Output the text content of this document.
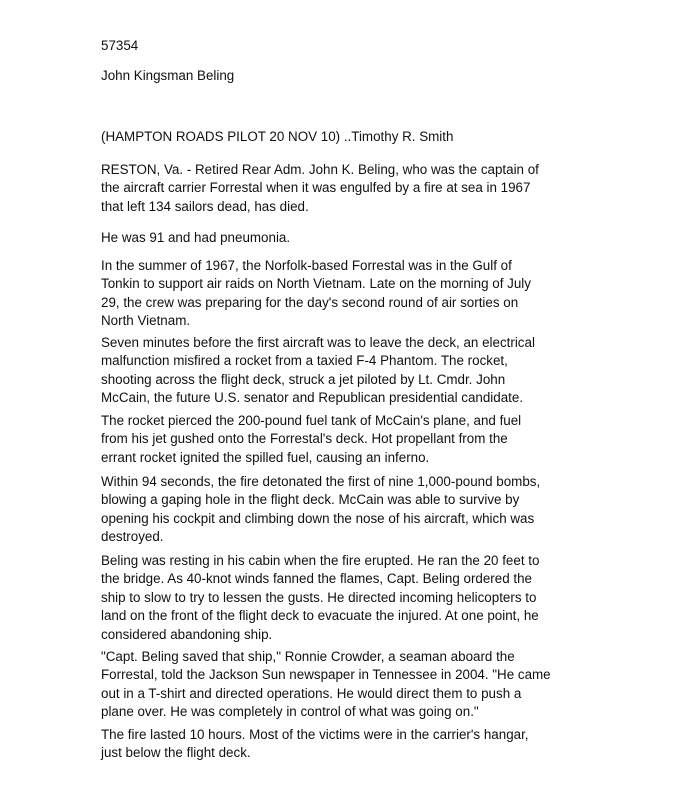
57354

John Kingsman Beling

(HAMPTON ROADS PILOT 20 NOV 10) ..Timothy R. Smith

RESTON, Va. - Retired Rear Adm. John K. Beling, who was the captain of
the aircraft carrier Forrestal when it was engulfed by a fire at sea in 1967
that left 134 sailors dead, has died.
He was 91 and had pneumonia.
In the summer of 1967, the Norfolk-based Forrestal was in the Gulf of
Tonkin to support air raids on North Vietnam. Late on the morning of July
29, the crew was preparing for the day's second round of air sorties on
North Vietnam.
Seven minutes before the first aircraft was to leave the deck, an electrical
malfunction misfired a rocket from a taxied F-4 Phantom. The rocket,
shooting across the flight deck, struck a jet piloted by Lt. Cmdr. John
McCain, the future U.S. senator and Republican presidential candidate.
The rocket pierced the 200-pound fuel tank of McCain's plane, and fuel
from his jet gushed onto the Forrestal's deck. Hot propellant from the
errant rocket ignited the spilled fuel, causing an inferno.
Within 94 seconds, the fire detonated the first of nine 1,000-pound bombs,
blowing a gaping hole in the flight deck. McCain was able to survive by
opening his cockpit and climbing down the nose of his aircraft, which was
destroyed.
Beling was resting in his cabin when the fire erupted. He ran the 20 feet to
the bridge. As 40-knot winds fanned the flames, Capt. Beling ordered the
ship to slow to try to lessen the gusts. He directed incoming helicopters to
land on the front of the flight deck to evacuate the injured. At one point, he
considered abandoning ship.
"Capt. Beling saved that ship," Ronnie Crowder, a seaman aboard the
Forrestal, told the Jackson Sun newspaper in Tennessee in 2004. "He came
out in a T-shirt and directed operations. He would direct them to push a
plane over. He was completely in control of what was going on."
The fire lasted 10 hours. Most of the victims were in the carrier's hangar,
just below the flight deck.
